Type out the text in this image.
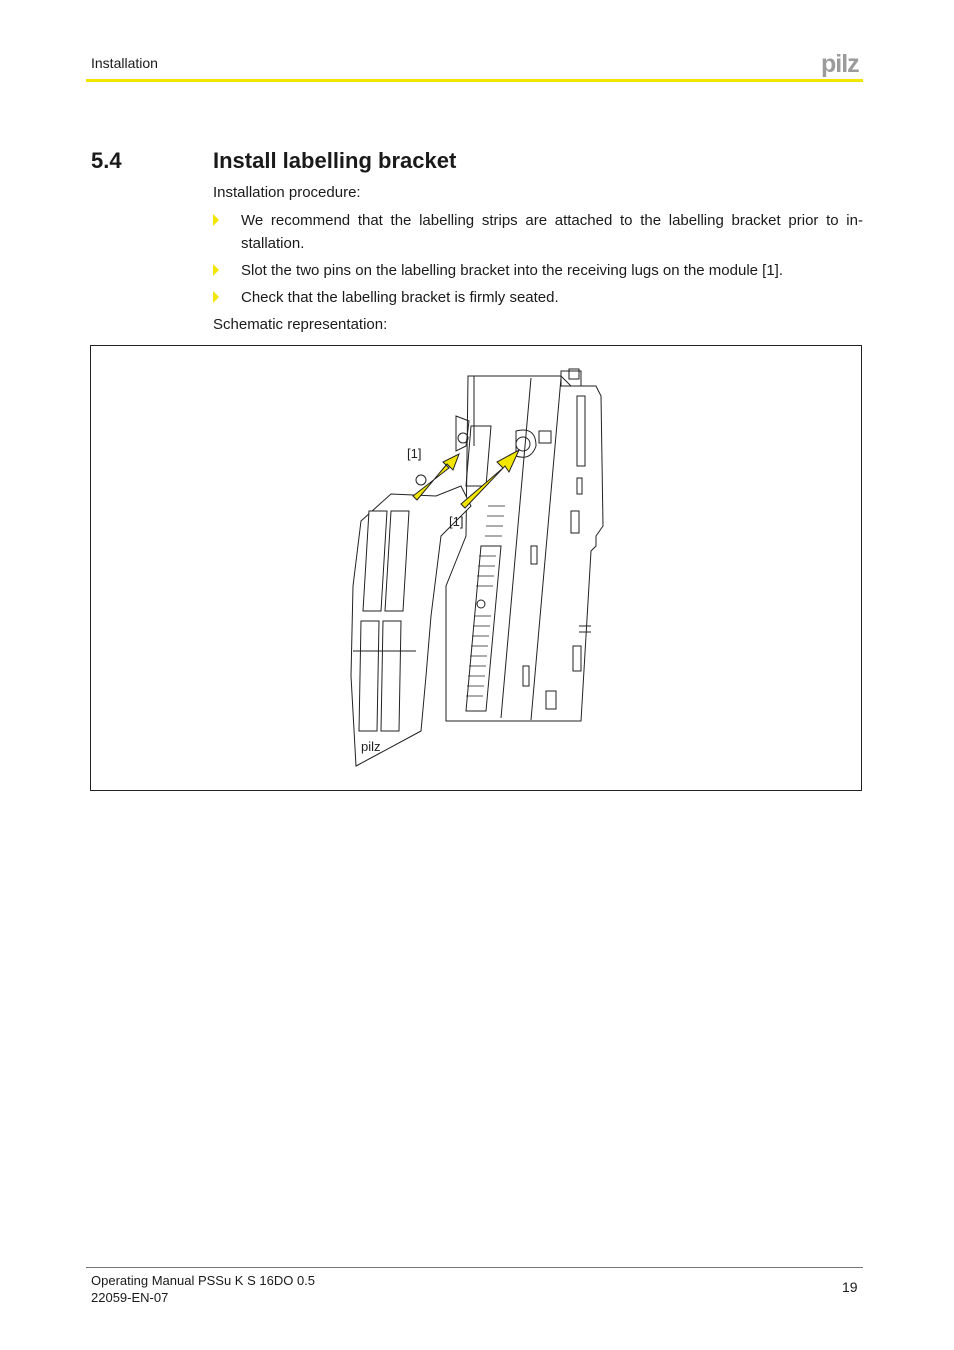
Installation	pilz
5.4	Install labelling bracket
Installation procedure:
We recommend that the labelling strips are attached to the labelling bracket prior to installation.
Slot the two pins on the labelling bracket into the receiving lugs on the module [1].
Check that the labelling bracket is firmly seated.
Schematic representation:
pilz
[1]
[1]
Operating Manual PSSu K S 16DO 0.5
22059-EN-07
19
